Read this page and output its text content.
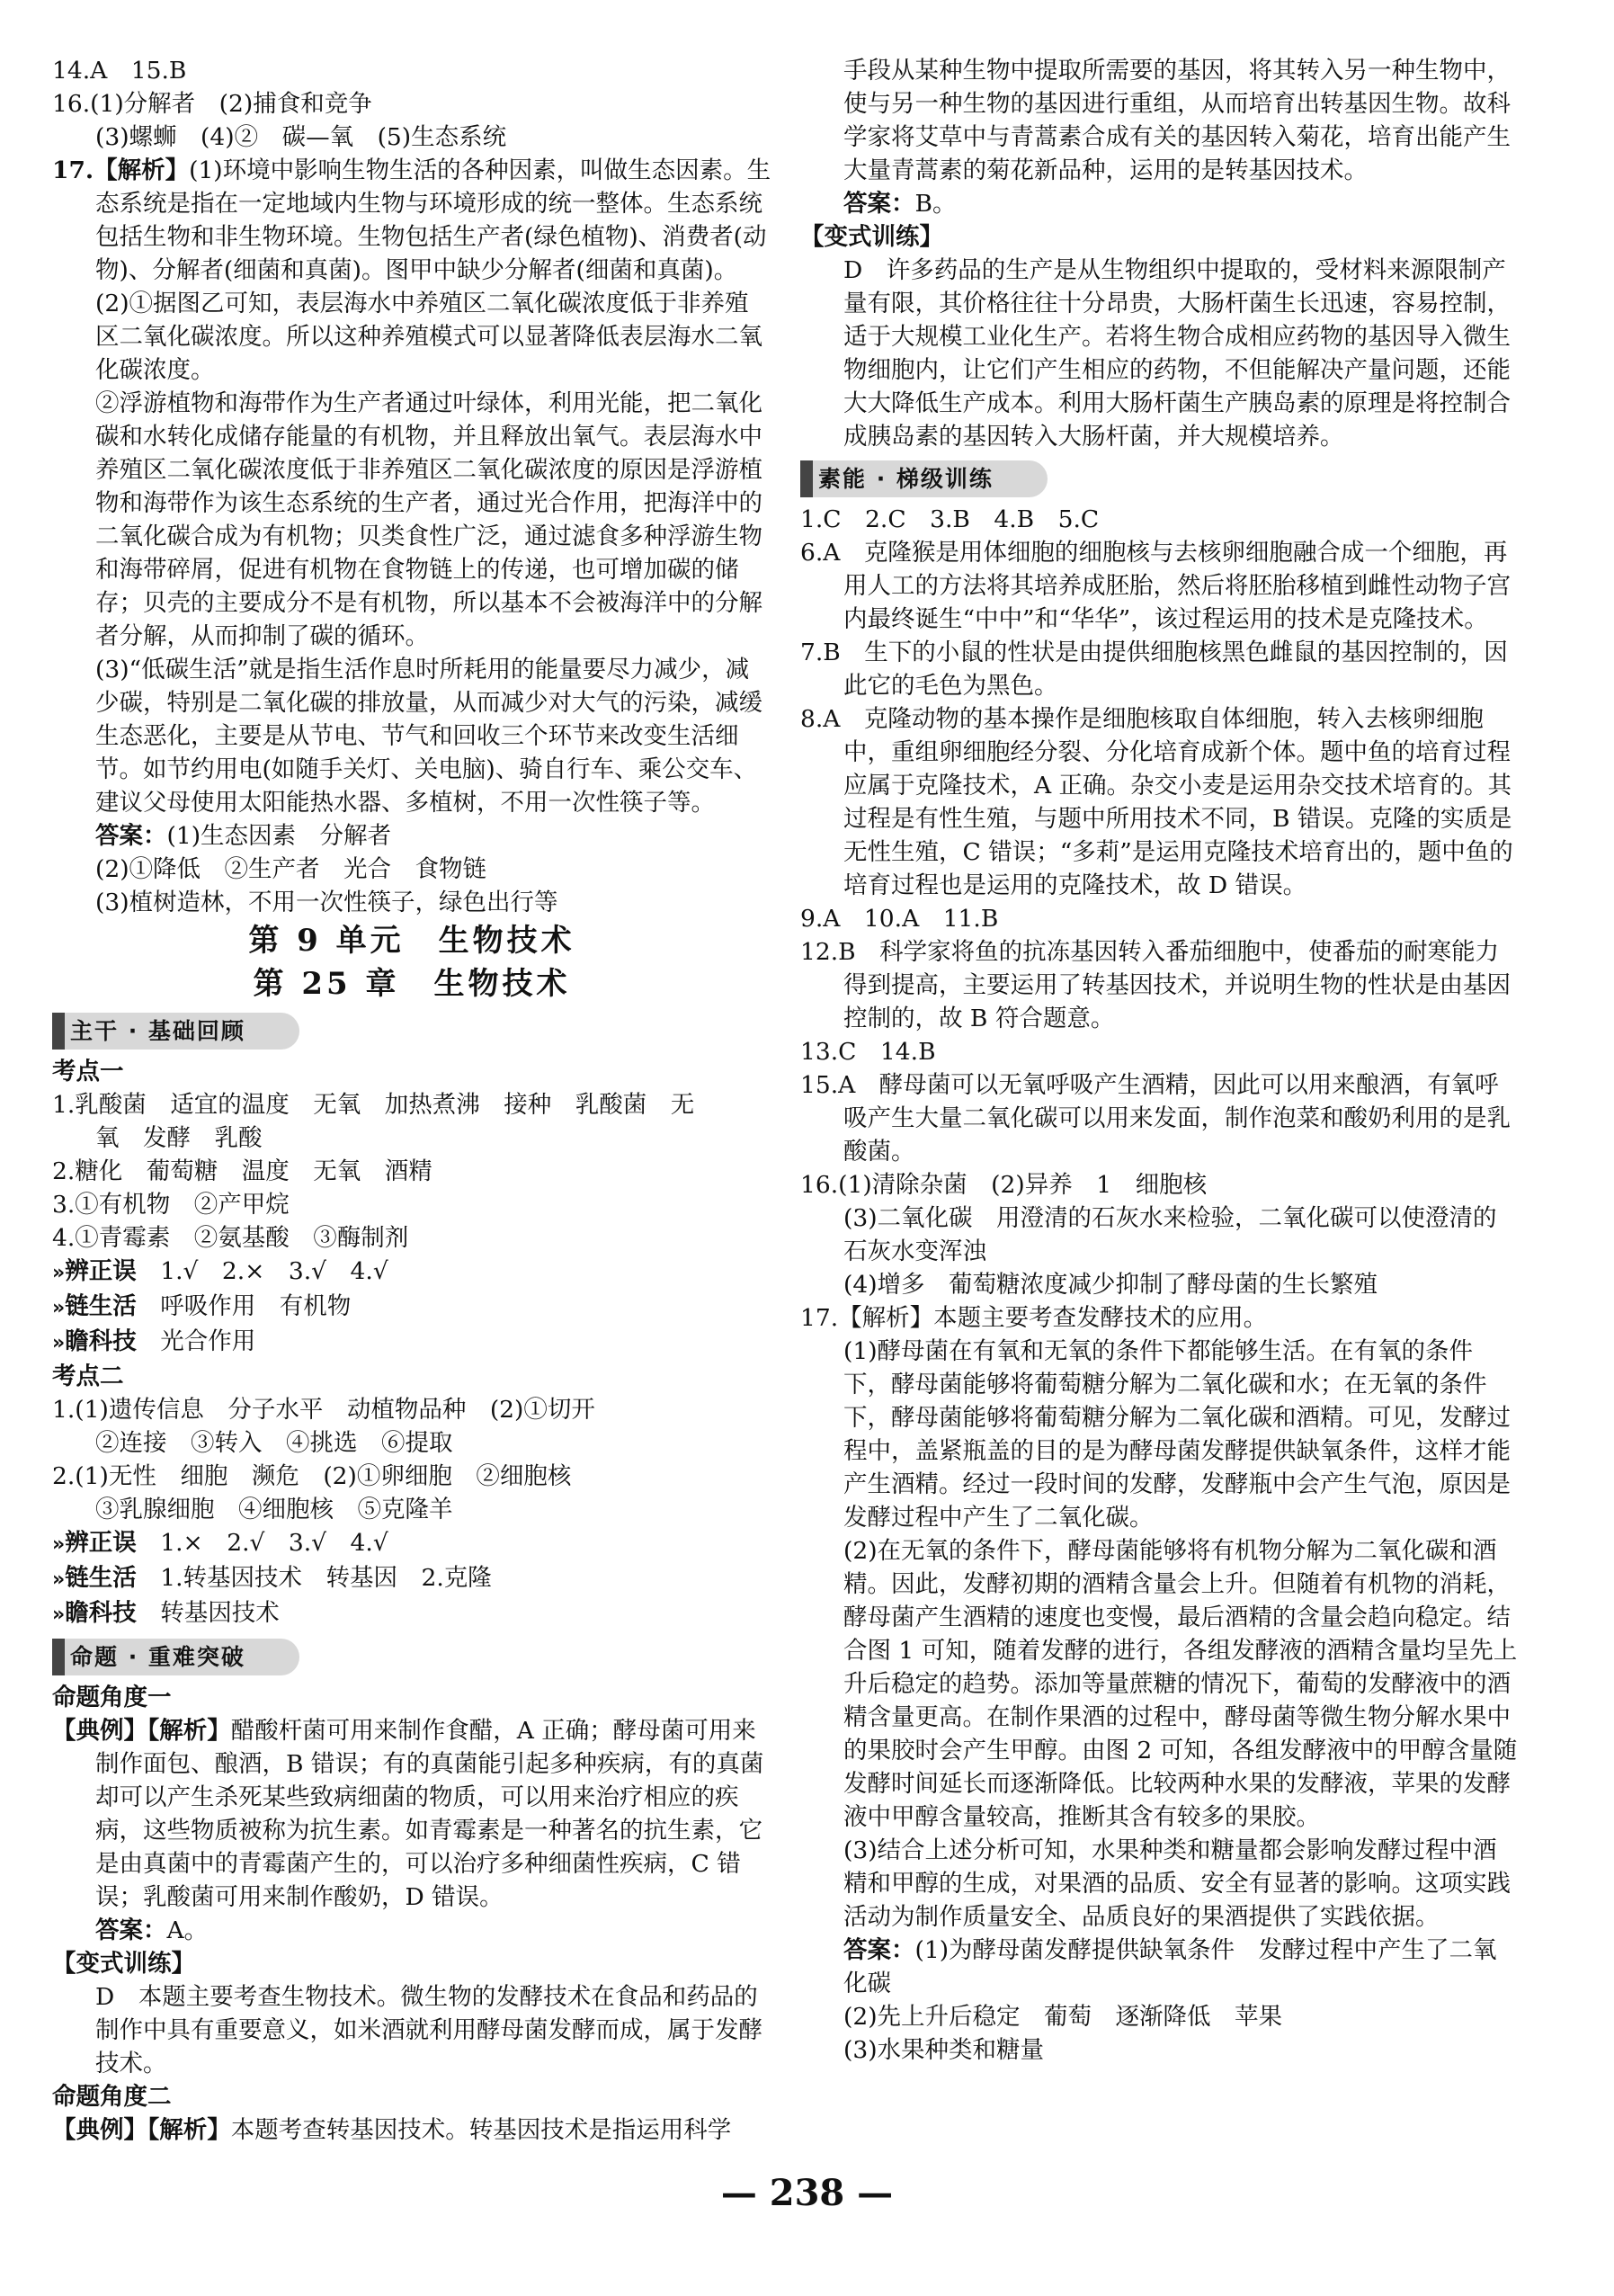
14.A　15.B
16.(1)分解者　(2)捕食和竞争
(3)螺蛳　(4)②　碳—氧　(5)生态系统
17.【解析】(1)环境中影响生物生活的各种因素，叫做生态因素。生态系统是指在一定地域内生物与环境形成的统一整体。生态系统包括生物和非生物环境。生物包括生产者(绿色植物)、消费者(动物)、分解者(细菌和真菌)。图甲中缺少分解者(细菌和真菌)。
(2)①据图乙可知，表层海水中养殖区二氧化碳浓度低于非养殖区二氧化碳浓度。所以这种养殖模式可以显著降低表层海水二氧化碳浓度。
②浮游植物和海带作为生产者通过叶绿体，利用光能，把二氧化碳和水转化成储存能量的有机物，并且释放出氧气。表层海水中养殖区二氧化碳浓度低于非养殖区二氧化碳浓度的原因是浮游植物和海带作为该生态系统的生产者，通过光合作用，把海洋中的二氧化碳合成为有机物；贝类食性广泛，通过滤食多种浮游生物和海带碎屑，促进有机物在食物链上的传递，也可增加碳的储存；贝壳的主要成分不是有机物，所以基本不会被海洋中的分解者分解，从而抑制了碳的循环。
(3)“低碳生活”就是指生活作息时所耗用的能量要尽力减少，减少碳，特别是二氧化碳的排放量，从而减少对大气的污染，减缓生态恶化，主要是从节电、节气和回收三个环节来改变生活细节。如节约用电(如随手关灯、关电脑)、骑自行车、乘公交车、建议父母使用太阳能热水器、多植树，不用一次性筷子等。
答案：(1)生态因素　分解者
(2)①降低　②生产者　光合　食物链
(3)植树造林，不用一次性筷子，绿色出行等
第 9 单元　生物技术
第 25 章　生物技术
主干 · 基础回顾
考点一
1.乳酸菌　适宜的温度　无氧　加热煮沸　接种　乳酸菌　无
氧　发酵　乳酸
2.糖化　葡萄糖　温度　无氧　酒精
3.①有机物　②产甲烷
4.①青霉素　②氨基酸　③酶制剂
»辨正误　 1.√　2.×　3.√　4.√
»链生活　 呼吸作用　有机物
»瞻科技　 光合作用
考点二
1.(1)遗传信息　分子水平　动植物品种　(2)①切开
②连接　③转入　④挑选　⑥提取
2.(1)无性　细胞　濒危　(2)①卵细胞　②细胞核
③乳腺细胞　④细胞核　⑤克隆羊
»辨正误　 1.×　2.√　3.√　4.√
»链生活　 1.转基因技术　转基因　2.克隆
»瞻科技　 转基因技术
命题 · 重难突破
命题角度一
【典例】【解析】醋酸杆菌可用来制作食醋，A 正确；酵母菌可用来制作面包、酿酒，B 错误；有的真菌能引起多种疾病，有的真菌却可以产生杀死某些致病细菌的物质，可以用来治疗相应的疾病，这些物质被称为抗生素。如青霉素是一种著名的抗生素，它是由真菌中的青霉菌产生的，可以治疗多种细菌性疾病，C 错误；乳酸菌可用来制作酸奶，D 错误。
答案：A。
【变式训练】
D　本题主要考查生物技术。微生物的发酵技术在食品和药品的制作中具有重要意义，如米酒就利用酵母菌发酵而成，属于发酵技术。
命题角度二
【典例】【解析】本题考查转基因技术。转基因技术是指运用科学
手段从某种生物中提取所需要的基因，将其转入另一种生物中，使与另一种生物的基因进行重组，从而培育出转基因生物。故科学家将艾草中与青蒿素合成有关的基因转入菊花，培育出能产生大量青蒿素的菊花新品种，运用的是转基因技术。
答案：B。
【变式训练】
D　许多药品的生产是从生物组织中提取的，受材料来源限制产量有限，其价格往往十分昂贵，大肠杆菌生长迅速，容易控制，适于大规模工业化生产。若将生物合成相应药物的基因导入微生物细胞内，让它们产生相应的药物，不但能解决产量问题，还能大大降低生产成本。利用大肠杆菌生产胰岛素的原理是将控制合成胰岛素的基因转入大肠杆菌，并大规模培养。
素能 · 梯级训练
1.C　2.C　3.B　4.B　5.C
6.A　克隆猴是用体细胞的细胞核与去核卵细胞融合成一个细胞，再用人工的方法将其培养成胚胎，然后将胚胎移植到雌性动物子宫内最终诞生“中中”和“华华”，该过程运用的技术是克隆技术。
7.B　生下的小鼠的性状是由提供细胞核黑色雌鼠的基因控制的，因此它的毛色为黑色。
8.A　克隆动物的基本操作是细胞核取自体细胞，转入去核卵细胞中，重组卵细胞经分裂、分化培育成新个体。题中鱼的培育过程应属于克隆技术，A 正确。杂交小麦是运用杂交技术培育的。其过程是有性生殖，与题中所用技术不同，B 错误。克隆的实质是无性生殖，C 错误；“多莉”是运用克隆技术培育出的，题中鱼的培育过程也是运用的克隆技术，故 D 错误。
9.A　10.A　11.B
12.B　科学家将鱼的抗冻基因转入番茄细胞中，使番茄的耐寒能力得到提高，主要运用了转基因技术，并说明生物的性状是由基因控制的，故 B 符合题意。
13.C　14.B
15.A　酵母菌可以无氧呼吸产生酒精，因此可以用来酿酒，有氧呼吸产生大量二氧化碳可以用来发面，制作泡菜和酸奶利用的是乳酸菌。
16.(1)清除杂菌　(2)异养　1　细胞核
(3)二氧化碳　用澄清的石灰水来检验，二氧化碳可以使澄清的石灰水变浑浊
(4)增多　葡萄糖浓度减少抑制了酵母菌的生长繁殖
17.【解析】本题主要考查发酵技术的应用。
(1)酵母菌在有氧和无氧的条件下都能够生活。在有氧的条件下，酵母菌能够将葡萄糖分解为二氧化碳和水；在无氧的条件下，酵母菌能够将葡萄糖分解为二氧化碳和酒精。可见，发酵过程中，盖紧瓶盖的目的是为酵母菌发酵提供缺氧条件，这样才能产生酒精。经过一段时间的发酵，发酵瓶中会产生气泡，原因是发酵过程中产生了二氧化碳。
(2)在无氧的条件下，酵母菌能够将有机物分解为二氧化碳和酒精。因此，发酵初期的酒精含量会上升。但随着有机物的消耗，酵母菌产生酒精的速度也变慢，最后酒精的含量会趋向稳定。结合图 1 可知，随着发酵的进行，各组发酵液的酒精含量均呈先上升后稳定的趋势。添加等量蔗糖的情况下，葡萄的发酵液中的酒精含量更高。在制作果酒的过程中，酵母菌等微生物分解水果中的果胶时会产生甲醇。由图 2 可知，各组发酵液中的甲醇含量随发酵时间延长而逐渐降低。比较两种水果的发酵液，苹果的发酵液中甲醇含量较高，推断其含有较多的果胶。
(3)结合上述分析可知，水果种类和糖量都会影响发酵过程中酒精和甲醇的生成，对果酒的品质、安全有显著的影响。这项实践活动为制作质量安全、品质良好的果酒提供了实践依据。
答案：(1)为酵母菌发酵提供缺氧条件　发酵过程中产生了二氧化碳
(2)先上升后稳定　葡萄　逐渐降低　苹果
(3)水果种类和糖量
— 238 —
